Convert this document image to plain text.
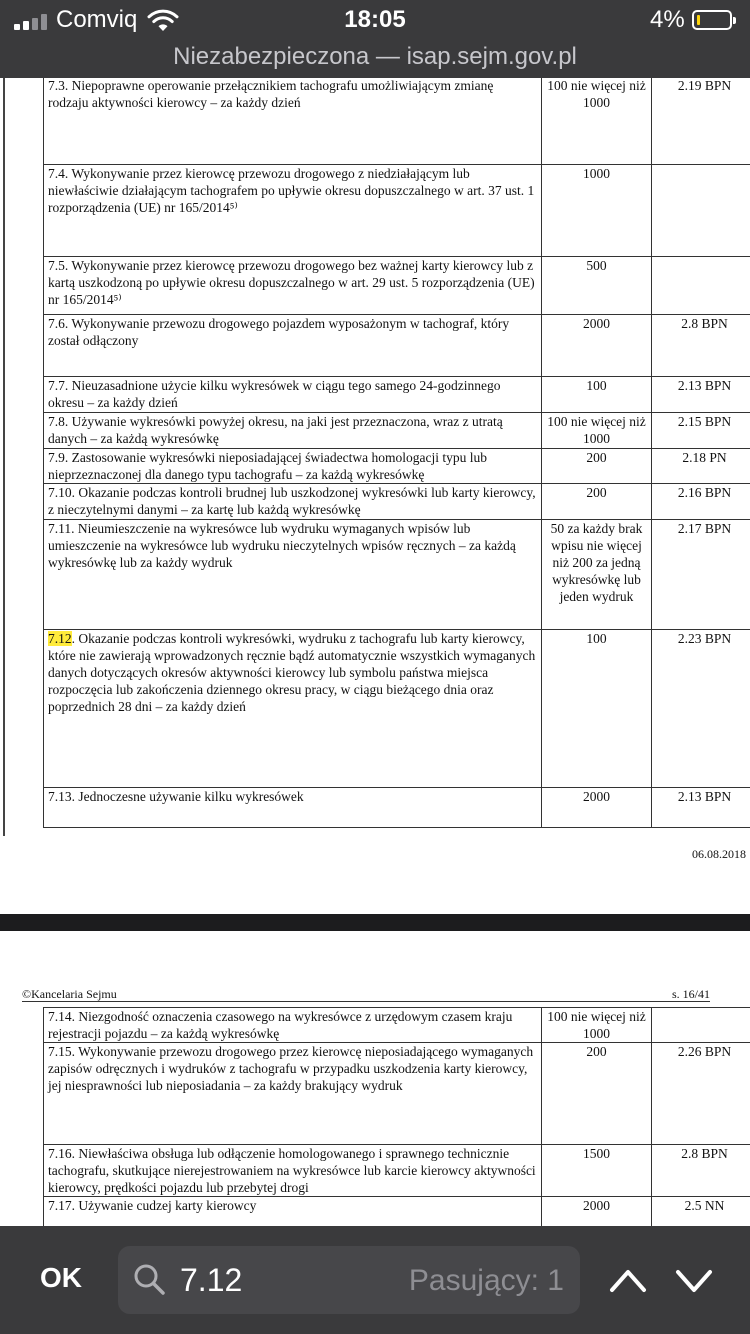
Comviq	18:05	4%
Niezabezpieczona — isap.sejm.gov.pl
7.3. Niepoprawne operowanie przełącznikiem tachografu umożliwiającym zmianę rodzaju aktywności kierowcy – za każdy dzień	100 nie więcej niż 1000	2.19 BPN
7.4. Wykonywanie przez kierowcę przewozu drogowego z niedziałającym lub niewłaściwie działającym tachografem po upływie okresu dopuszczalnego w art. 37 ust. 1 rozporządzenia (UE) nr 165/2014⁵⁾	1000	
7.5. Wykonywanie przez kierowcę przewozu drogowego bez ważnej karty kierowcy lub z kartą uszkodzoną po upływie okresu dopuszczalnego w art. 29 ust. 5 rozporządzenia (UE) nr 165/2014⁵⁾	500	
7.6. Wykonywanie przewozu drogowego pojazdem wyposażonym w tachograf, który został odłączony	2000	2.8 BPN
7.7. Nieuzasadnione użycie kilku wykresówek w ciągu tego samego 24-godzinnego okresu – za każdy dzień	100	2.13 BPN
7.8. Używanie wykresówki powyżej okresu, na jaki jest przeznaczona, wraz z utratą danych – za każdą wykresówkę	100 nie więcej niż 1000	2.15 BPN
7.9. Zastosowanie wykresówki nieposiadającej świadectwa homologacji typu lub nieprzeznaczonej dla danego typu tachografu – za każdą wykresówkę	200	2.18 PN
7.10. Okazanie podczas kontroli brudnej lub uszkodzonej wykresówki lub karty kierowcy, z nieczytelnymi danymi – za kartę lub każdą wykresówkę	200	2.16 BPN
7.11. Nieumieszczenie na wykresówce lub wydruku wymaganych wpisów lub umieszczenie na wykresówce lub wydruku nieczytelnych wpisów ręcznych – za każdą wykresówkę lub za każdy wydruk	50 za każdy brak wpisu nie więcej niż 200 za jedną wykresówkę lub jeden wydruk	2.17 BPN
7.12. Okazanie podczas kontroli wykresówki, wydruku z tachografu lub karty kierowcy, które nie zawierają wprowadzonych ręcznie bądź automatycznie wszystkich wymaganych danych dotyczących okresów aktywności kierowcy lub symbolu państwa miejsca rozpoczęcia lub zakończenia dziennego okresu pracy, w ciągu bieżącego dnia oraz poprzednich 28 dni – za każdy dzień	100	2.23 BPN
7.13. Jednoczesne używanie kilku wykresówek	2000	2.13 BPN
06.08.2018
©Kancelaria Sejmu	s. 16/41
7.14. Niezgodność oznaczenia czasowego na wykresówce z urzędowym czasem kraju rejestracji pojazdu – za każdą wykresówkę	100 nie więcej niż 1000	
7.15. Wykonywanie przewozu drogowego przez kierowcę nieposiadającego wymaganych zapisów odręcznych i wydruków z tachografu w przypadku uszkodzenia karty kierowcy, jej niesprawności lub nieposiadania – za każdy brakujący wydruk	200	2.26 BPN
7.16. Niewłaściwa obsługa lub odłączenie homologowanego i sprawnego technicznie tachografu, skutkujące nierejestrowaniem na wykresówce lub karcie kierowcy aktywności kierowcy, prędkości pojazdu lub przebytej drogi	1500	2.8 BPN
7.17. Używanie cudzej karty kierowcy	2000	2.5 NN
OK	7.12	Pasujący: 1
